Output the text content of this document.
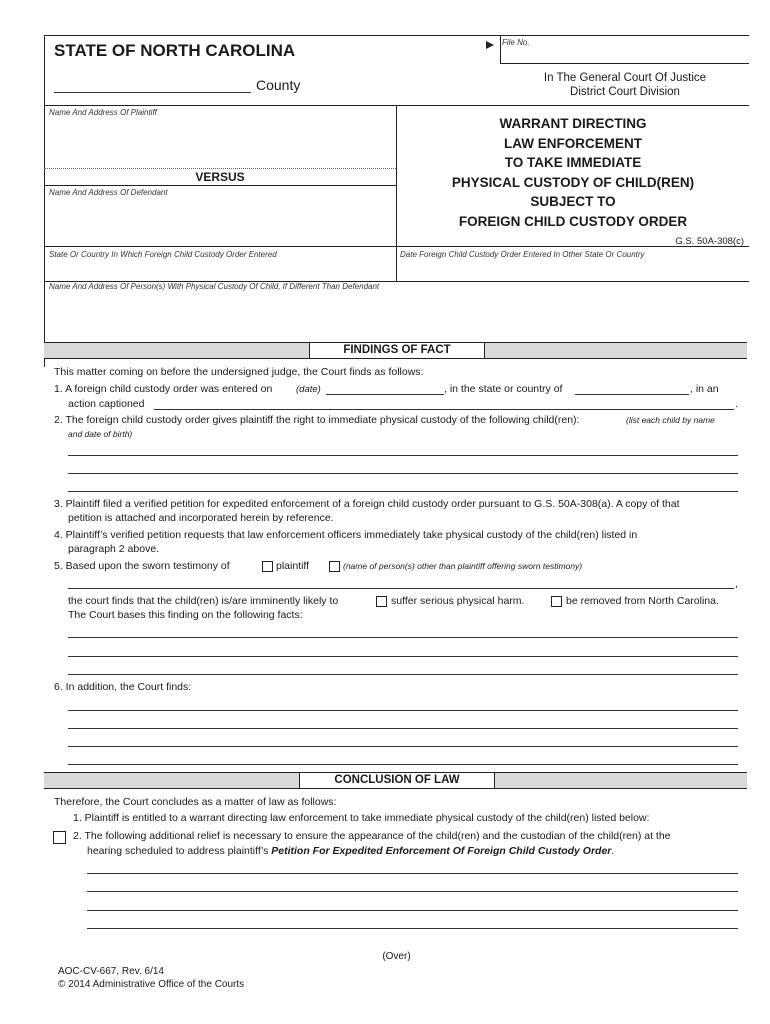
STATE OF NORTH CAROLINA
County
File No.
In The General Court Of Justice
District Court Division
Name And Address Of Plaintiff
VERSUS
Name And Address Of Defendant
WARRANT DIRECTING
LAW ENFORCEMENT
TO TAKE IMMEDIATE
PHYSICAL CUSTODY OF CHILD(REN)
SUBJECT TO
FOREIGN CHILD CUSTODY ORDER
G.S. 50A-308(c)
State Or Country In Which Foreign Child Custody Order Entered	Date Foreign Child Custody Order Entered In Other State Or Country
Name And Address Of Person(s) With Physical Custody Of Child, If Different Than Defendant
FINDINGS OF FACT
This matter coming on before the undersigned judge, the Court finds as follows:
1. A foreign child custody order was entered on (date)	, in the state or country of	, in an
action captioned	.
2. The foreign child custody order gives plaintiff the right to immediate physical custody of the following child(ren):	(list each child by name
and date of birth)
3. Plaintiff filed a verified petition for expedited enforcement of a foreign child custody order pursuant to G.S. 50A-308(a). A copy of that
petition is attached and incorporated herein by reference.
4. Plaintiff’s verified petition requests that law enforcement officers immediately take physical custody of the child(ren) listed in
paragraph 2 above.
5. Based upon the sworn testimony of	plaintiff	(name of person(s) other than plaintiff offering sworn testimony)
,
the court finds that the child(ren) is/are imminently likely to	suffer serious physical harm.	be removed from North Carolina.
The Court bases this finding on the following facts:
6. In addition, the Court finds:
CONCLUSION OF LAW
Therefore, the Court concludes as a matter of law as follows:
1. Plaintiff is entitled to a warrant directing law enforcement to take immediate physical custody of the child(ren) listed below:
2. The following additional relief is necessary to ensure the appearance of the child(ren) and the custodian of the child(ren) at the
hearing scheduled to address plaintiff’s Petition For Expedited Enforcement Of Foreign Child Custody Order.
(Over)
AOC-CV-667, Rev. 6/14
© 2014 Administrative Office of the Courts
